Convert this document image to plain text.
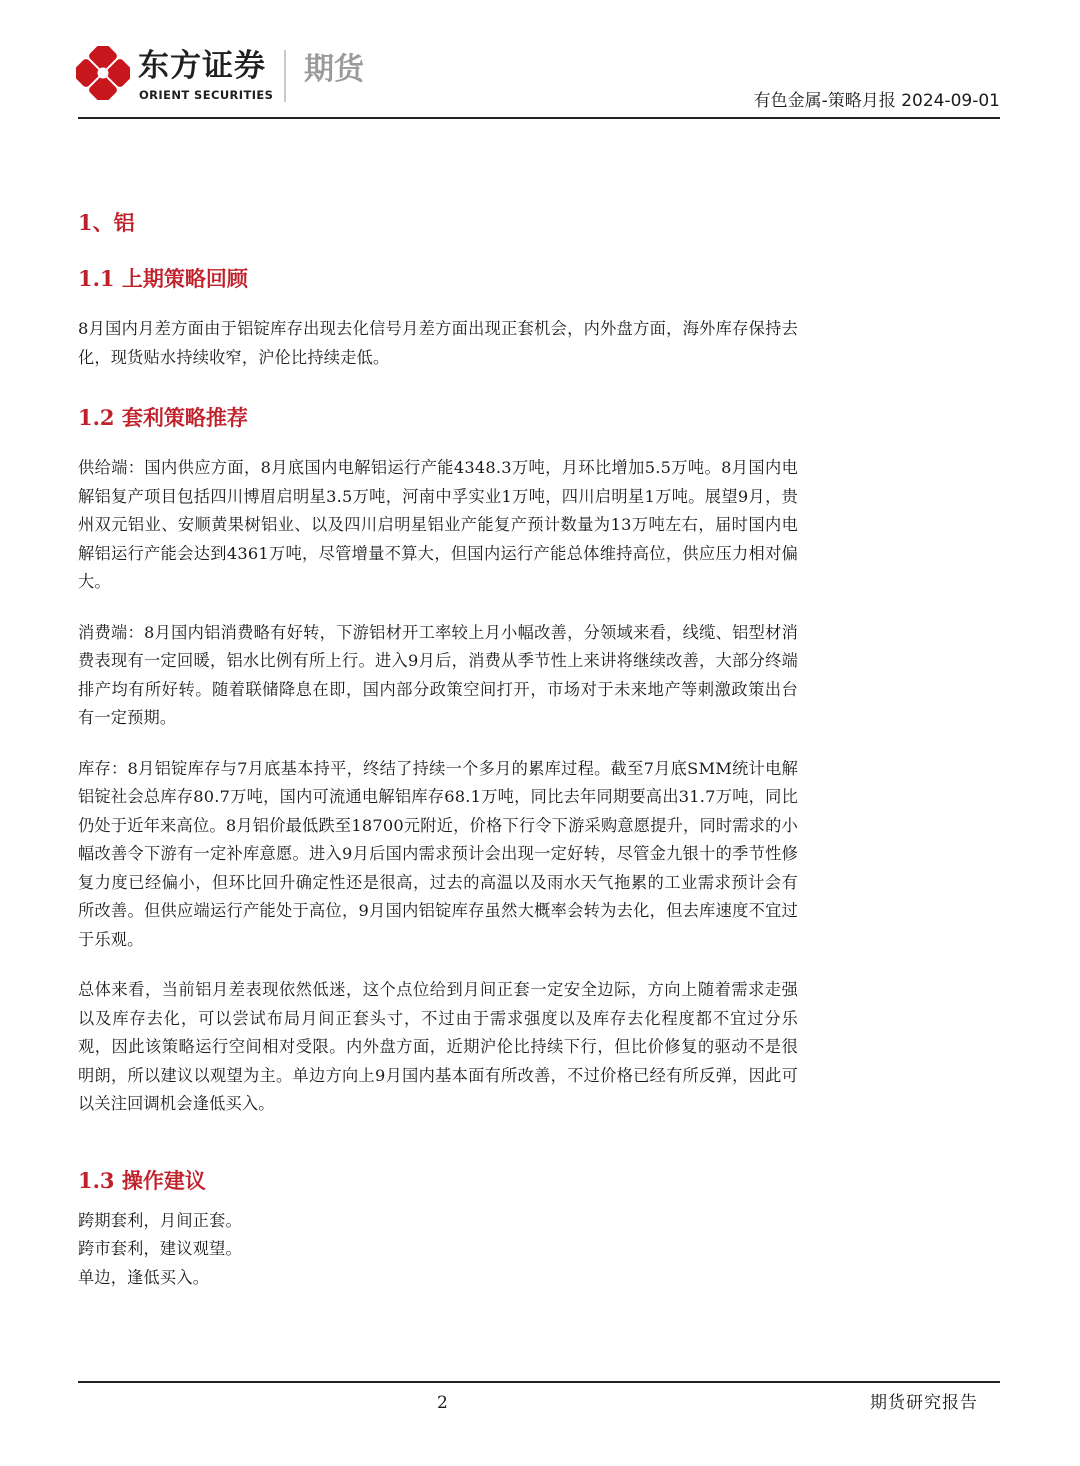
东方证券
ORIENT SECURITIES
期货
有色金属-策略月报 2024-09-01
1、铝
1.1 上期策略回顾

8月国内月差方面由于铝锭库存出现去化信号月差方面出现正套机会，内外盘方面，海外库存保持去化，现货贴水持续收窄，沪伦比持续走低。

1.2 套利策略推荐

供给端：国内供应方面，8月底国内电解铝运行产能4348.3万吨，月环比增加5.5万吨。8月国内电解铝复产项目包括四川博眉启明星3.5万吨，河南中孚实业1万吨，四川启明星1万吨。展望9月，贵州双元铝业、安顺黄果树铝业、以及四川启明星铝业产能复产预计数量为13万吨左右，届时国内电解铝运行产能会达到4361万吨，尽管增量不算大，但国内运行产能总体维持高位，供应压力相对偏大。

消费端：8月国内铝消费略有好转，下游铝材开工率较上月小幅改善，分领域来看，线缆、铝型材消费表现有一定回暖，铝水比例有所上行。进入9月后，消费从季节性上来讲将继续改善，大部分终端排产均有所好转。随着联储降息在即，国内部分政策空间打开，市场对于未来地产等刺激政策出台有一定预期。

库存：8月铝锭库存与7月底基本持平，终结了持续一个多月的累库过程。截至7月底SMM统计电解铝锭社会总库存80.7万吨，国内可流通电解铝库存68.1万吨，同比去年同期要高出31.7万吨，同比仍处于近年来高位。8月铝价最低跌至18700元附近，价格下行令下游采购意愿提升，同时需求的小幅改善令下游有一定补库意愿。进入9月后国内需求预计会出现一定好转，尽管金九银十的季节性修复力度已经偏小，但环比回升确定性还是很高，过去的高温以及雨水天气拖累的工业需求预计会有所改善。但供应端运行产能处于高位，9月国内铝锭库存虽然大概率会转为去化，但去库速度不宜过于乐观。

总体来看，当前铝月差表现依然低迷，这个点位给到月间正套一定安全边际，方向上随着需求走强以及库存去化，可以尝试布局月间正套头寸，不过由于需求强度以及库存去化程度都不宜过分乐观，因此该策略运行空间相对受限。内外盘方面，近期沪伦比持续下行，但比价修复的驱动不是很明朗，所以建议以观望为主。单边方向上9月国内基本面有所改善，不过价格已经有所反弹，因此可以关注回调机会逢低买入。

1.3 操作建议
跨期套利，月间正套。
跨市套利，建议观望。
单边，逢低买入。
2	期货研究报告
